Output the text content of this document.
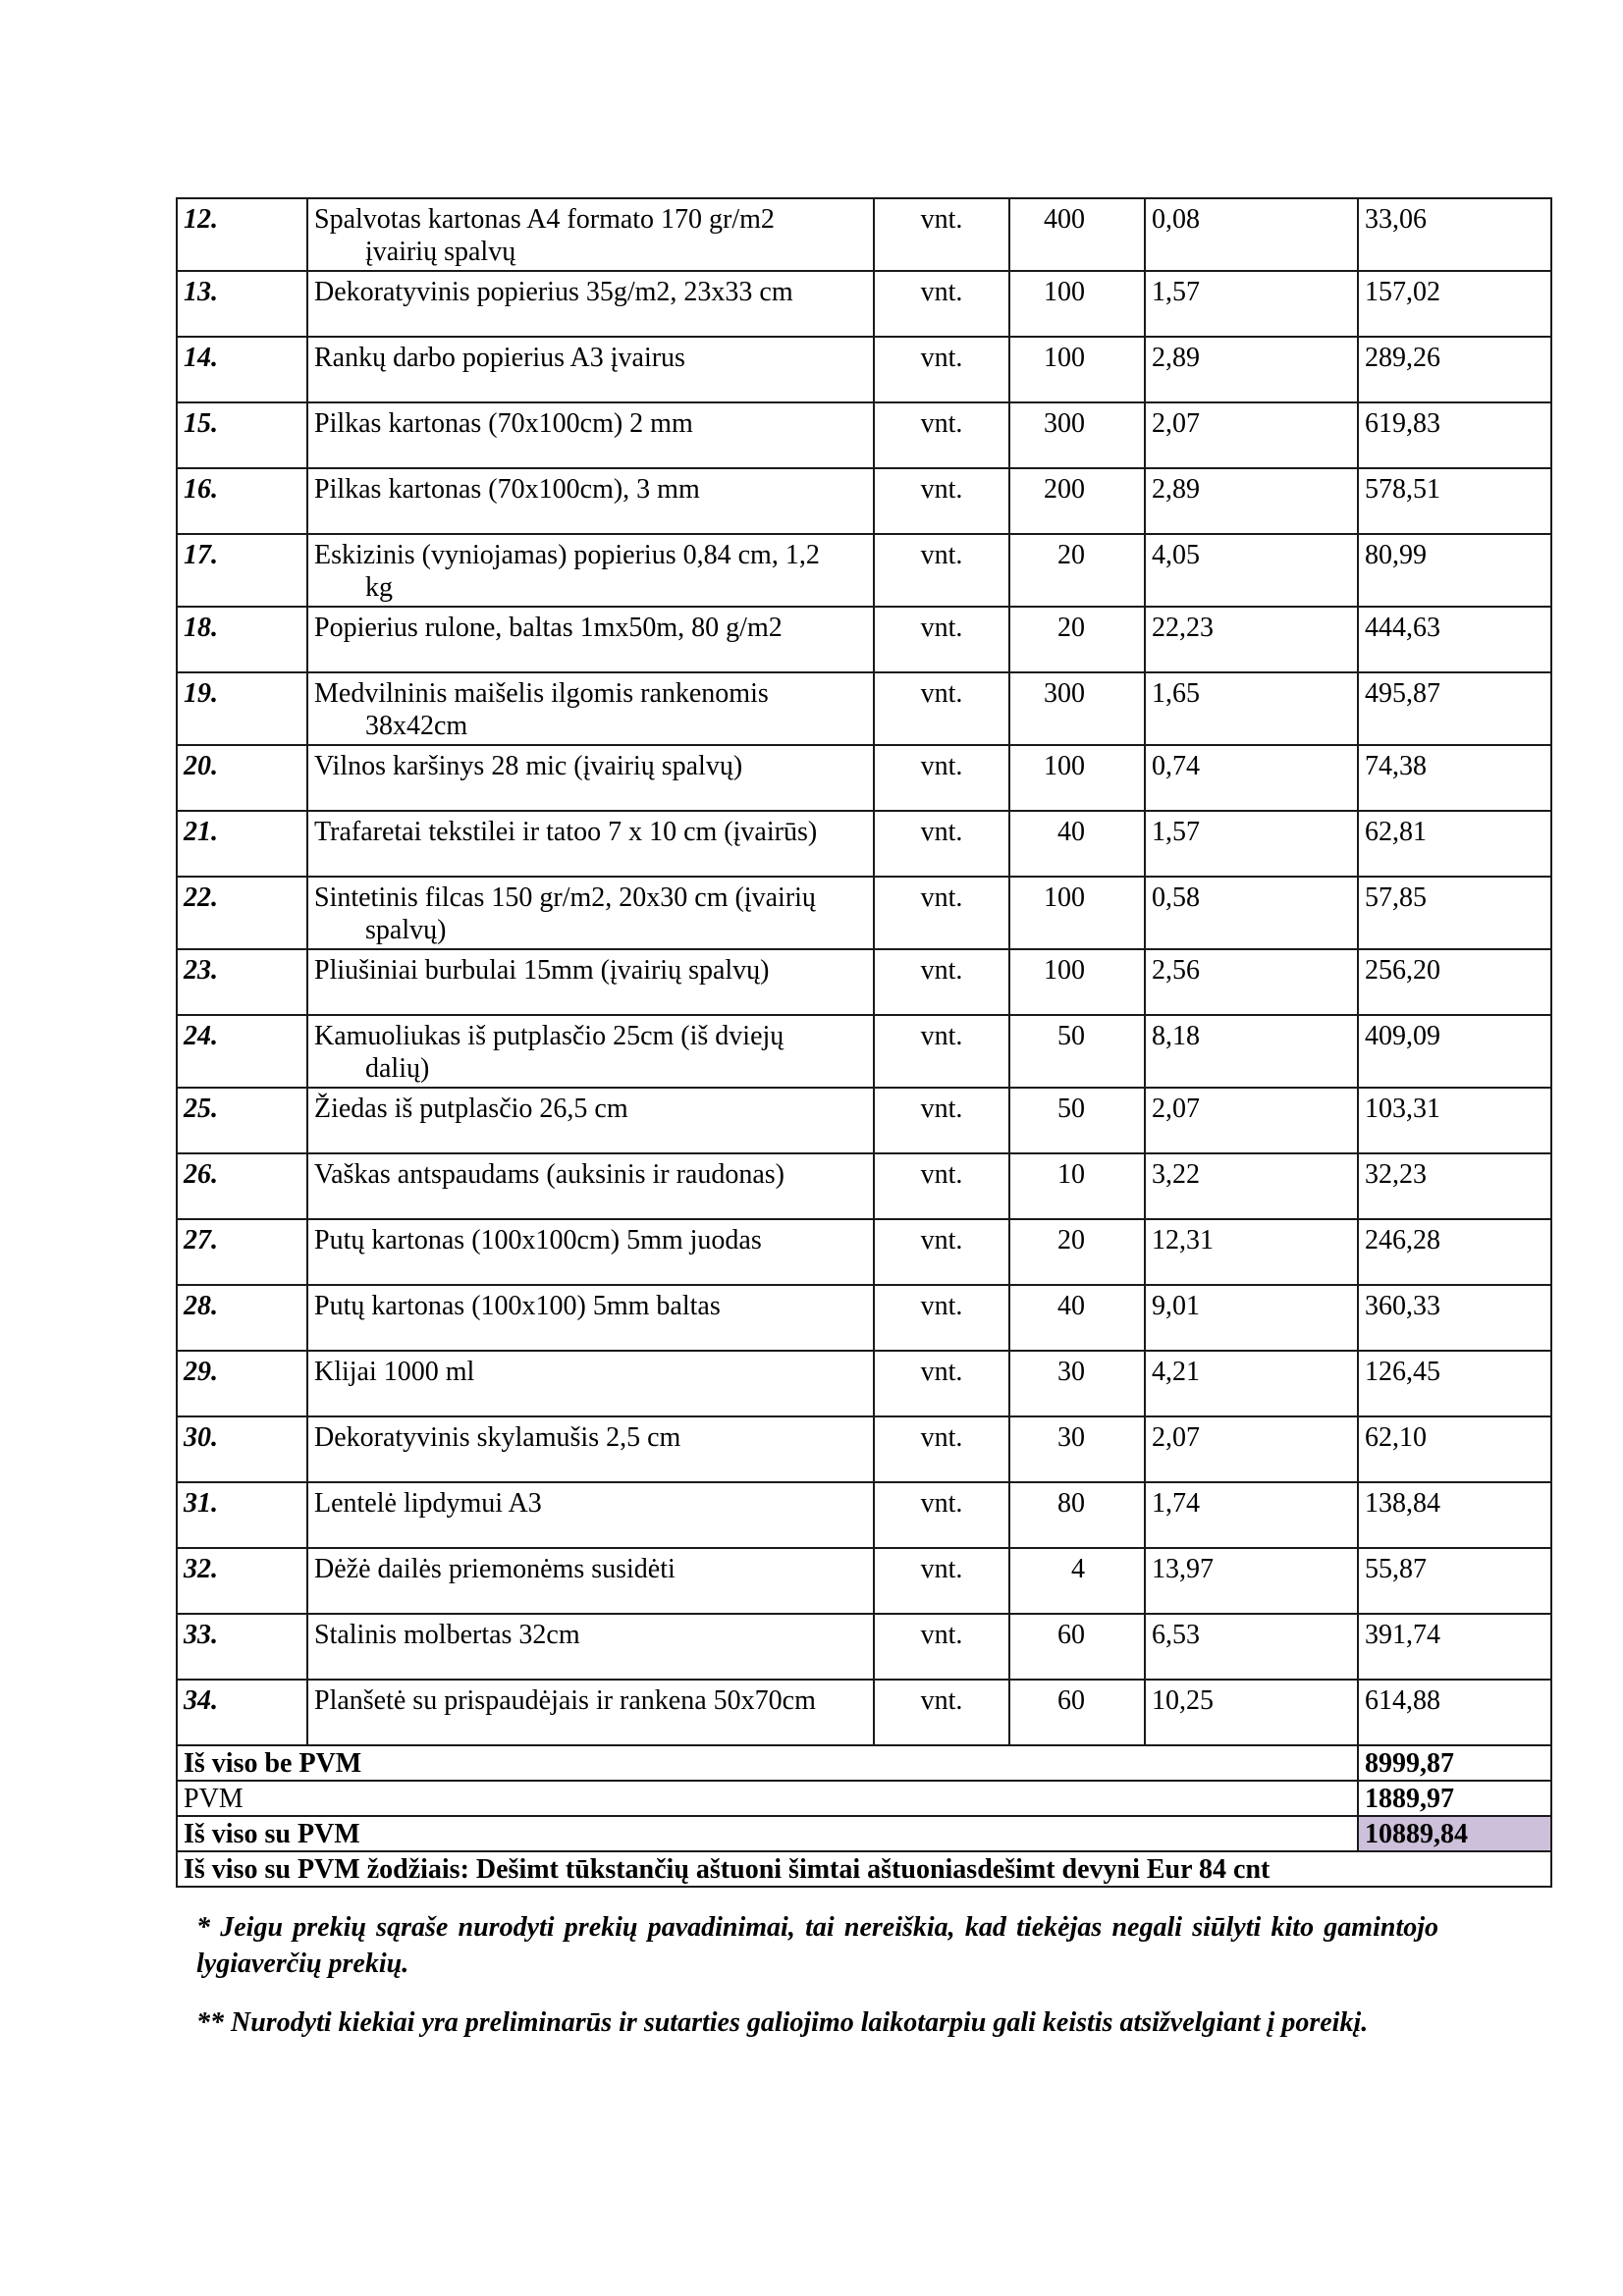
12.	Spalvotas kartonas A4 formato 170 gr/m2
įvairių spalvų	vnt.	400	0,08	33,06
13.	Dekoratyvinis popierius 35g/m2, 23x33 cm	vnt.	100	1,57	157,02
14.	Rankų darbo popierius A3 įvairus	vnt.	100	2,89	289,26
15.	Pilkas kartonas (70x100cm) 2 mm	vnt.	300	2,07	619,83
16.	Pilkas kartonas (70x100cm), 3 mm	vnt.	200	2,89	578,51
17.	Eskizinis (vyniojamas) popierius 0,84 cm, 1,2
kg	vnt.	20	4,05	80,99
18.	Popierius rulone, baltas 1mx50m, 80 g/m2	vnt.	20	22,23	444,63
19.	Medvilninis maišelis ilgomis rankenomis
38x42cm	vnt.	300	1,65	495,87
20.	Vilnos karšinys 28 mic (įvairių spalvų)	vnt.	100	0,74	74,38
21.	Trafaretai tekstilei ir tatoo 7 x 10 cm (įvairūs)	vnt.	40	1,57	62,81
22.	Sintetinis filcas 150 gr/m2, 20x30 cm (įvairių
spalvų)	vnt.	100	0,58	57,85
23.	Pliušiniai burbulai 15mm (įvairių spalvų)	vnt.	100	2,56	256,20
24.	Kamuoliukas iš putplasčio 25cm (iš dviejų
dalių)	vnt.	50	8,18	409,09
25.	Žiedas iš putplasčio 26,5 cm	vnt.	50	2,07	103,31
26.	Vaškas antspaudams (auksinis ir raudonas)	vnt.	10	3,22	32,23
27.	Putų kartonas (100x100cm) 5mm juodas	vnt.	20	12,31	246,28
28.	Putų kartonas (100x100) 5mm baltas	vnt.	40	9,01	360,33
29.	Klijai 1000 ml	vnt.	30	4,21	126,45
30.	Dekoratyvinis skylamušis 2,5 cm	vnt.	30	2,07	62,10
31.	Lentelė lipdymui A3	vnt.	80	1,74	138,84
32.	Dėžė dailės priemonėms susidėti	vnt.	4	13,97	55,87
33.	Stalinis molbertas 32cm	vnt.	60	6,53	391,74
34.	Planšetė su prispaudėjais ir rankena 50x70cm	vnt.	60	10,25	614,88
Iš viso be PVM					8999,87
PVM					1889,97
Iš viso su PVM					10889,84
Iš viso su PVM žodžiais: Dešimt tūkstančių aštuoni šimtai aštuoniasdešimt devyni Eur 84 cnt					

* Jeigu prekių sąraše nurodyti prekių pavadinimai, tai nereiškia, kad tiekėjas negali siūlyti kito gamintojo lygiaverčių prekių.

** Nurodyti kiekiai yra preliminarūs ir sutarties galiojimo laikotarpiu gali keistis atsižvelgiant į poreikį.
